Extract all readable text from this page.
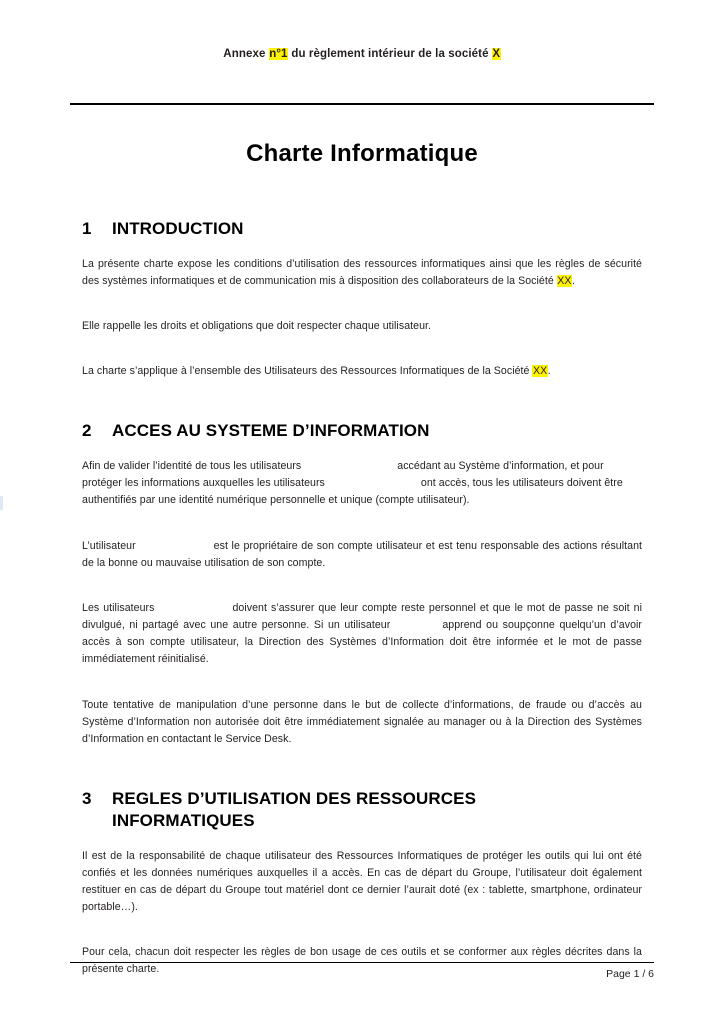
Annexe n°1 du règlement intérieur de la société X
Charte Informatique
1	INTRODUCTION

La présente charte expose les conditions d’utilisation des ressources informatiques ainsi que les règles de sécurité des systèmes informatiques et de communication mis à disposition des collaborateurs de la Société XX.

Elle rappelle les droits et obligations que doit respecter chaque utilisateur.

La charte s’applique à l’ensemble des Utilisateurs des Ressources Informatiques de la Société XX.

2	ACCES AU SYSTEME D’INFORMATION

Afin de valider l’identité de tous les utilisateurs	accédant au Système d’information, et pour protéger les informations auxquelles les utilisateurs	ont accès, tous les utilisateurs doivent être authentifiés par une identité numérique personnelle et unique (compte utilisateur).

L’utilisateur	est le propriétaire de son compte utilisateur et est tenu responsable des actions résultant de la bonne ou mauvaise utilisation de son compte.

Les utilisateurs	doivent s’assurer que leur compte reste personnel et que le mot de passe ne soit ni divulgué, ni partagé avec une autre personne. Si un utilisateur	apprend ou soupçonne quelqu’un d’avoir accès à son compte utilisateur, la Direction des Systèmes d’Information doit être informée et le mot de passe immédiatement réinitialisé.

Toute tentative de manipulation d’une personne dans le but de collecte d’informations, de fraude ou d’accès au Système d’Information non autorisée doit être immédiatement signalée au manager ou à la Direction des Systèmes d’Information en contactant le Service Desk.

3	REGLES D’UTILISATION DES RESSOURCES
INFORMATIQUES

Il est de la responsabilité de chaque utilisateur des Ressources Informatiques de protéger les outils qui lui ont été confiés et les données numériques auxquelles il a accès. En cas de départ du Groupe, l’utilisateur doit également restituer en cas de départ du Groupe tout matériel dont ce dernier l’aurait doté (ex : tablette, smartphone, ordinateur portable…).

Pour cela, chacun doit respecter les règles de bon usage de ces outils et se conformer aux règles décrites dans la présente charte.	Page 1 / 6
